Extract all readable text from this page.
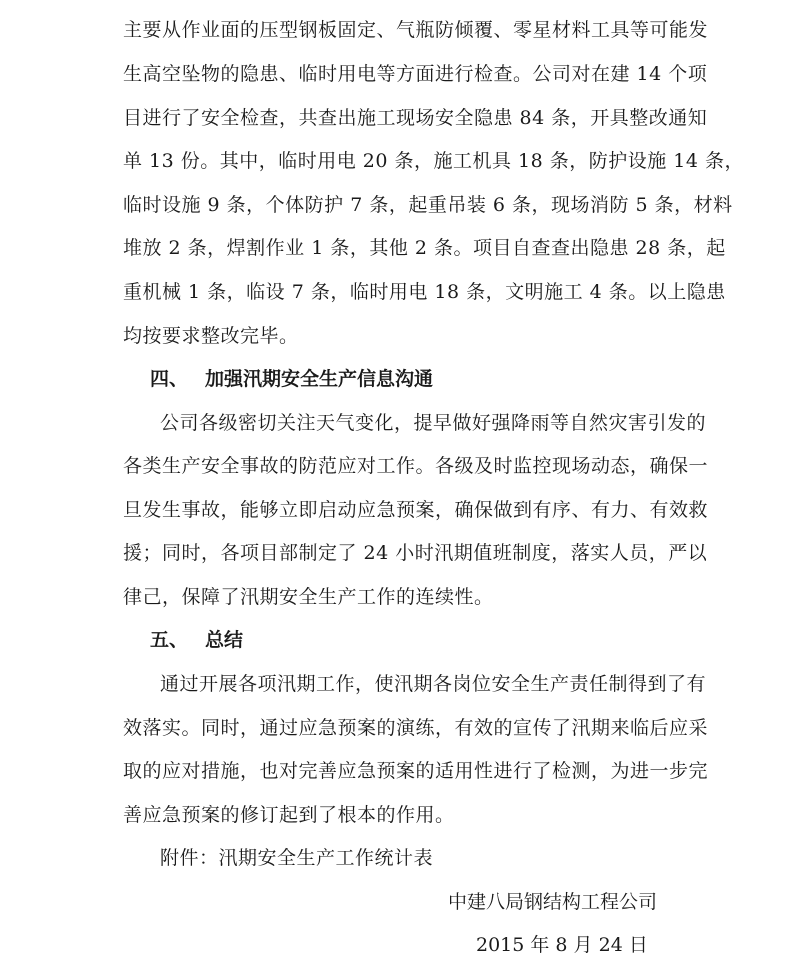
主要从作业面的压型钢板固定、气瓶防倾覆、零星材料工具等可能发
生高空坠物的隐患、临时用电等方面进行检查。公司对在建 14 个项
目进行了安全检查，共查出施工现场安全隐患 84 条，开具整改通知
单 13 份。其中，临时用电 20 条，施工机具 18 条，防护设施 14 条，
临时设施 9 条，个体防护 7 条，起重吊装 6 条，现场消防 5 条，材料
堆放 2 条，焊割作业 1 条，其他 2 条。项目自查查出隐患 28 条，起
重机械 1 条，临设 7 条，临时用电 18 条，文明施工 4 条。以上隐患
均按要求整改完毕。
四、 加强汛期安全生产信息沟通
公司各级密切关注天气变化，提早做好强降雨等自然灾害引发的
各类生产安全事故的防范应对工作。各级及时监控现场动态，确保一
旦发生事故，能够立即启动应急预案，确保做到有序、有力、有效救
援；同时，各项目部制定了 24 小时汛期值班制度，落实人员，严以
律己，保障了汛期安全生产工作的连续性。
五、 总结
通过开展各项汛期工作，使汛期各岗位安全生产责任制得到了有
效落实。同时，通过应急预案的演练，有效的宣传了汛期来临后应采
取的应对措施，也对完善应急预案的适用性进行了检测，为进一步完
善应急预案的修订起到了根本的作用。
附件：汛期安全生产工作统计表
中建八局钢结构工程公司
2015 年 8 月 24 日
